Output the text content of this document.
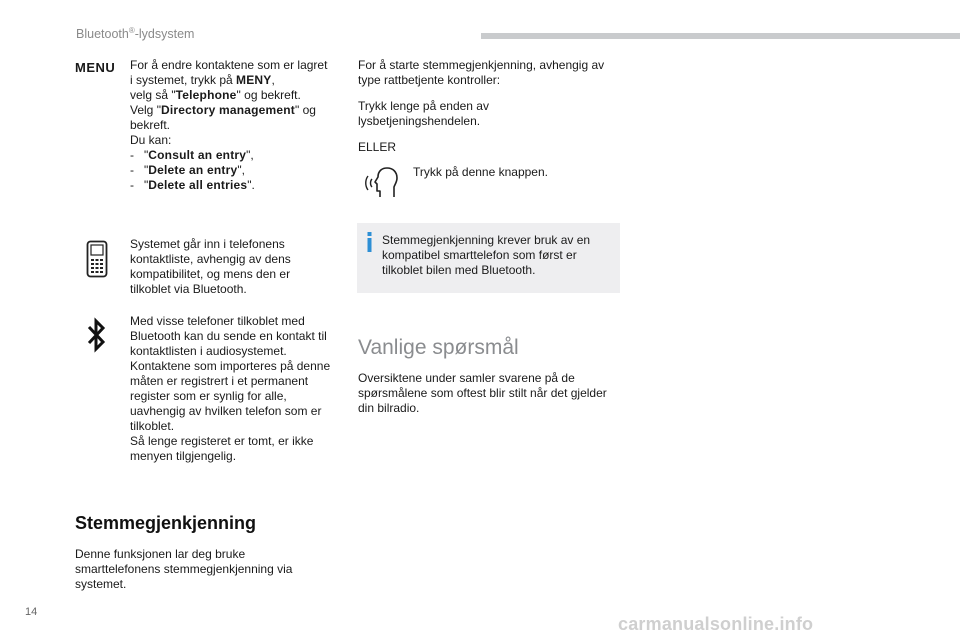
Bluetooth®-lydsystem
MENU For å endre kontaktene som er lagret i systemet, trykk på MENY,
velg så "Telephone" og bekreft.
Velg "Directory management" og bekreft.
Du kan:
- "Consult an entry",
- "Delete an entry",
- "Delete all entries".
Systemet går inn i telefonens kontaktliste, avhengig av dens kompatibilitet, og mens den er tilkoblet via Bluetooth.
Med visse telefoner tilkoblet med Bluetooth kan du sende en kontakt til kontaktlisten i audiosystemet.
Kontaktene som importeres på denne måten er registrert i et permanent register som er synlig for alle, uavhengig av hvilken telefon som er tilkoblet.
Så lenge registeret er tomt, er ikke menyen tilgjengelig.
Stemmegjenkjenning
Denne funksjonen lar deg bruke smarttelefonens stemmegjenkjenning via systemet.
For å starte stemmegjenkjenning, avhengig av type rattbetjente kontroller:
Trykk lenge på enden av lysbetjeningshendelen.
ELLER
Trykk på denne knappen.
Stemmegjenkjenning krever bruk av en kompatibel smarttelefon som først er tilkoblet bilen med Bluetooth.
Vanlige spørsmål
Oversiktene under samler svarene på de spørsmålene som oftest blir stilt når det gjelder din bilradio.
14
carmanualsonline.info
